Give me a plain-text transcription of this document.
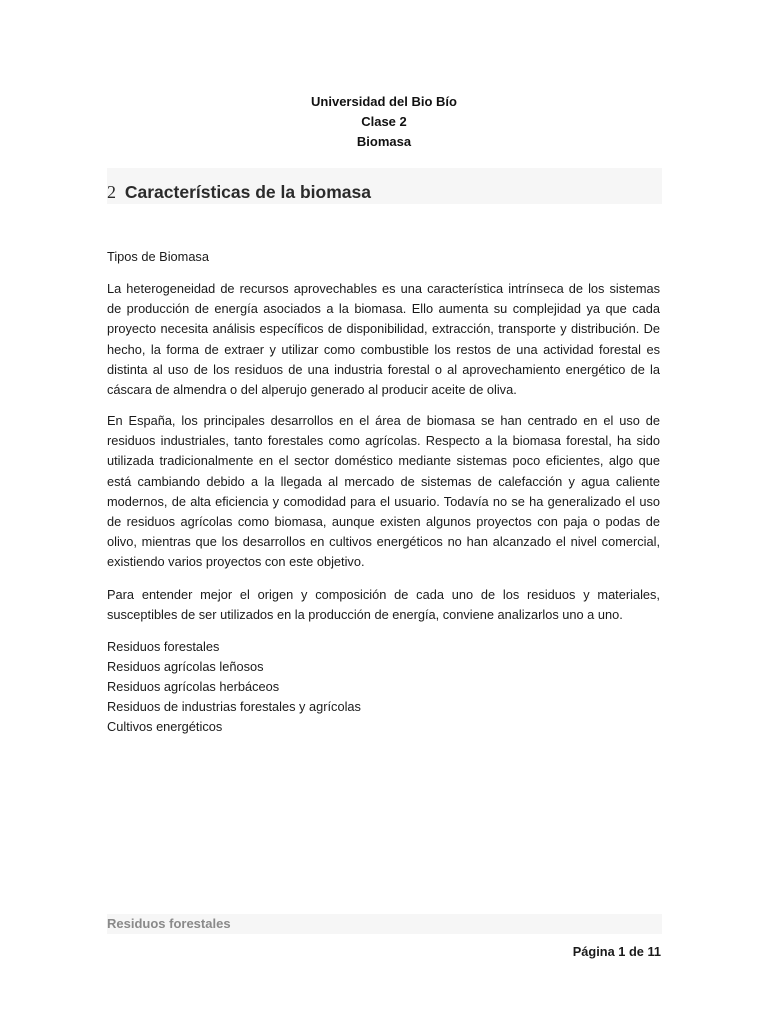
Universidad del Bio Bío
Clase 2
Biomasa
2 Características de la biomasa
Tipos de Biomasa

La heterogeneidad de recursos aprovechables es una característica intrínseca de los sistemas de producción de energía asociados a la biomasa. Ello aumenta su complejidad ya que cada proyecto necesita análisis específicos de disponibilidad, extracción, transporte y distribución. De hecho, la forma de extraer y utilizar como combustible los restos de una actividad forestal es distinta al uso de los residuos de una industria forestal o al aprovechamiento energético de la cáscara de almendra o del alperujo generado al producir aceite de oliva.

En España, los principales desarrollos en el área de biomasa se han centrado en el uso de residuos industriales, tanto forestales como agrícolas. Respecto a la biomasa forestal, ha sido utilizada tradicionalmente en el sector doméstico mediante sistemas poco eficientes, algo que está cambiando debido a la llegada al mercado de sistemas de calefacción y agua caliente modernos, de alta eficiencia y comodidad para el usuario. Todavía no se ha generalizado el uso de residuos agrícolas como biomasa, aunque existen algunos proyectos con paja o podas de olivo, mientras que los desarrollos en cultivos energéticos no han alcanzado el nivel comercial, existiendo varios proyectos con este objetivo.

Para entender mejor el origen y composición de cada uno de los residuos y materiales, susceptibles de ser utilizados en la producción de energía, conviene analizarlos uno a uno.

Residuos forestales
Residuos agrícolas leñosos
Residuos agrícolas herbáceos
Residuos de industrias forestales y agrícolas
Cultivos energéticos
Residuos forestales
Página 1 de 11
